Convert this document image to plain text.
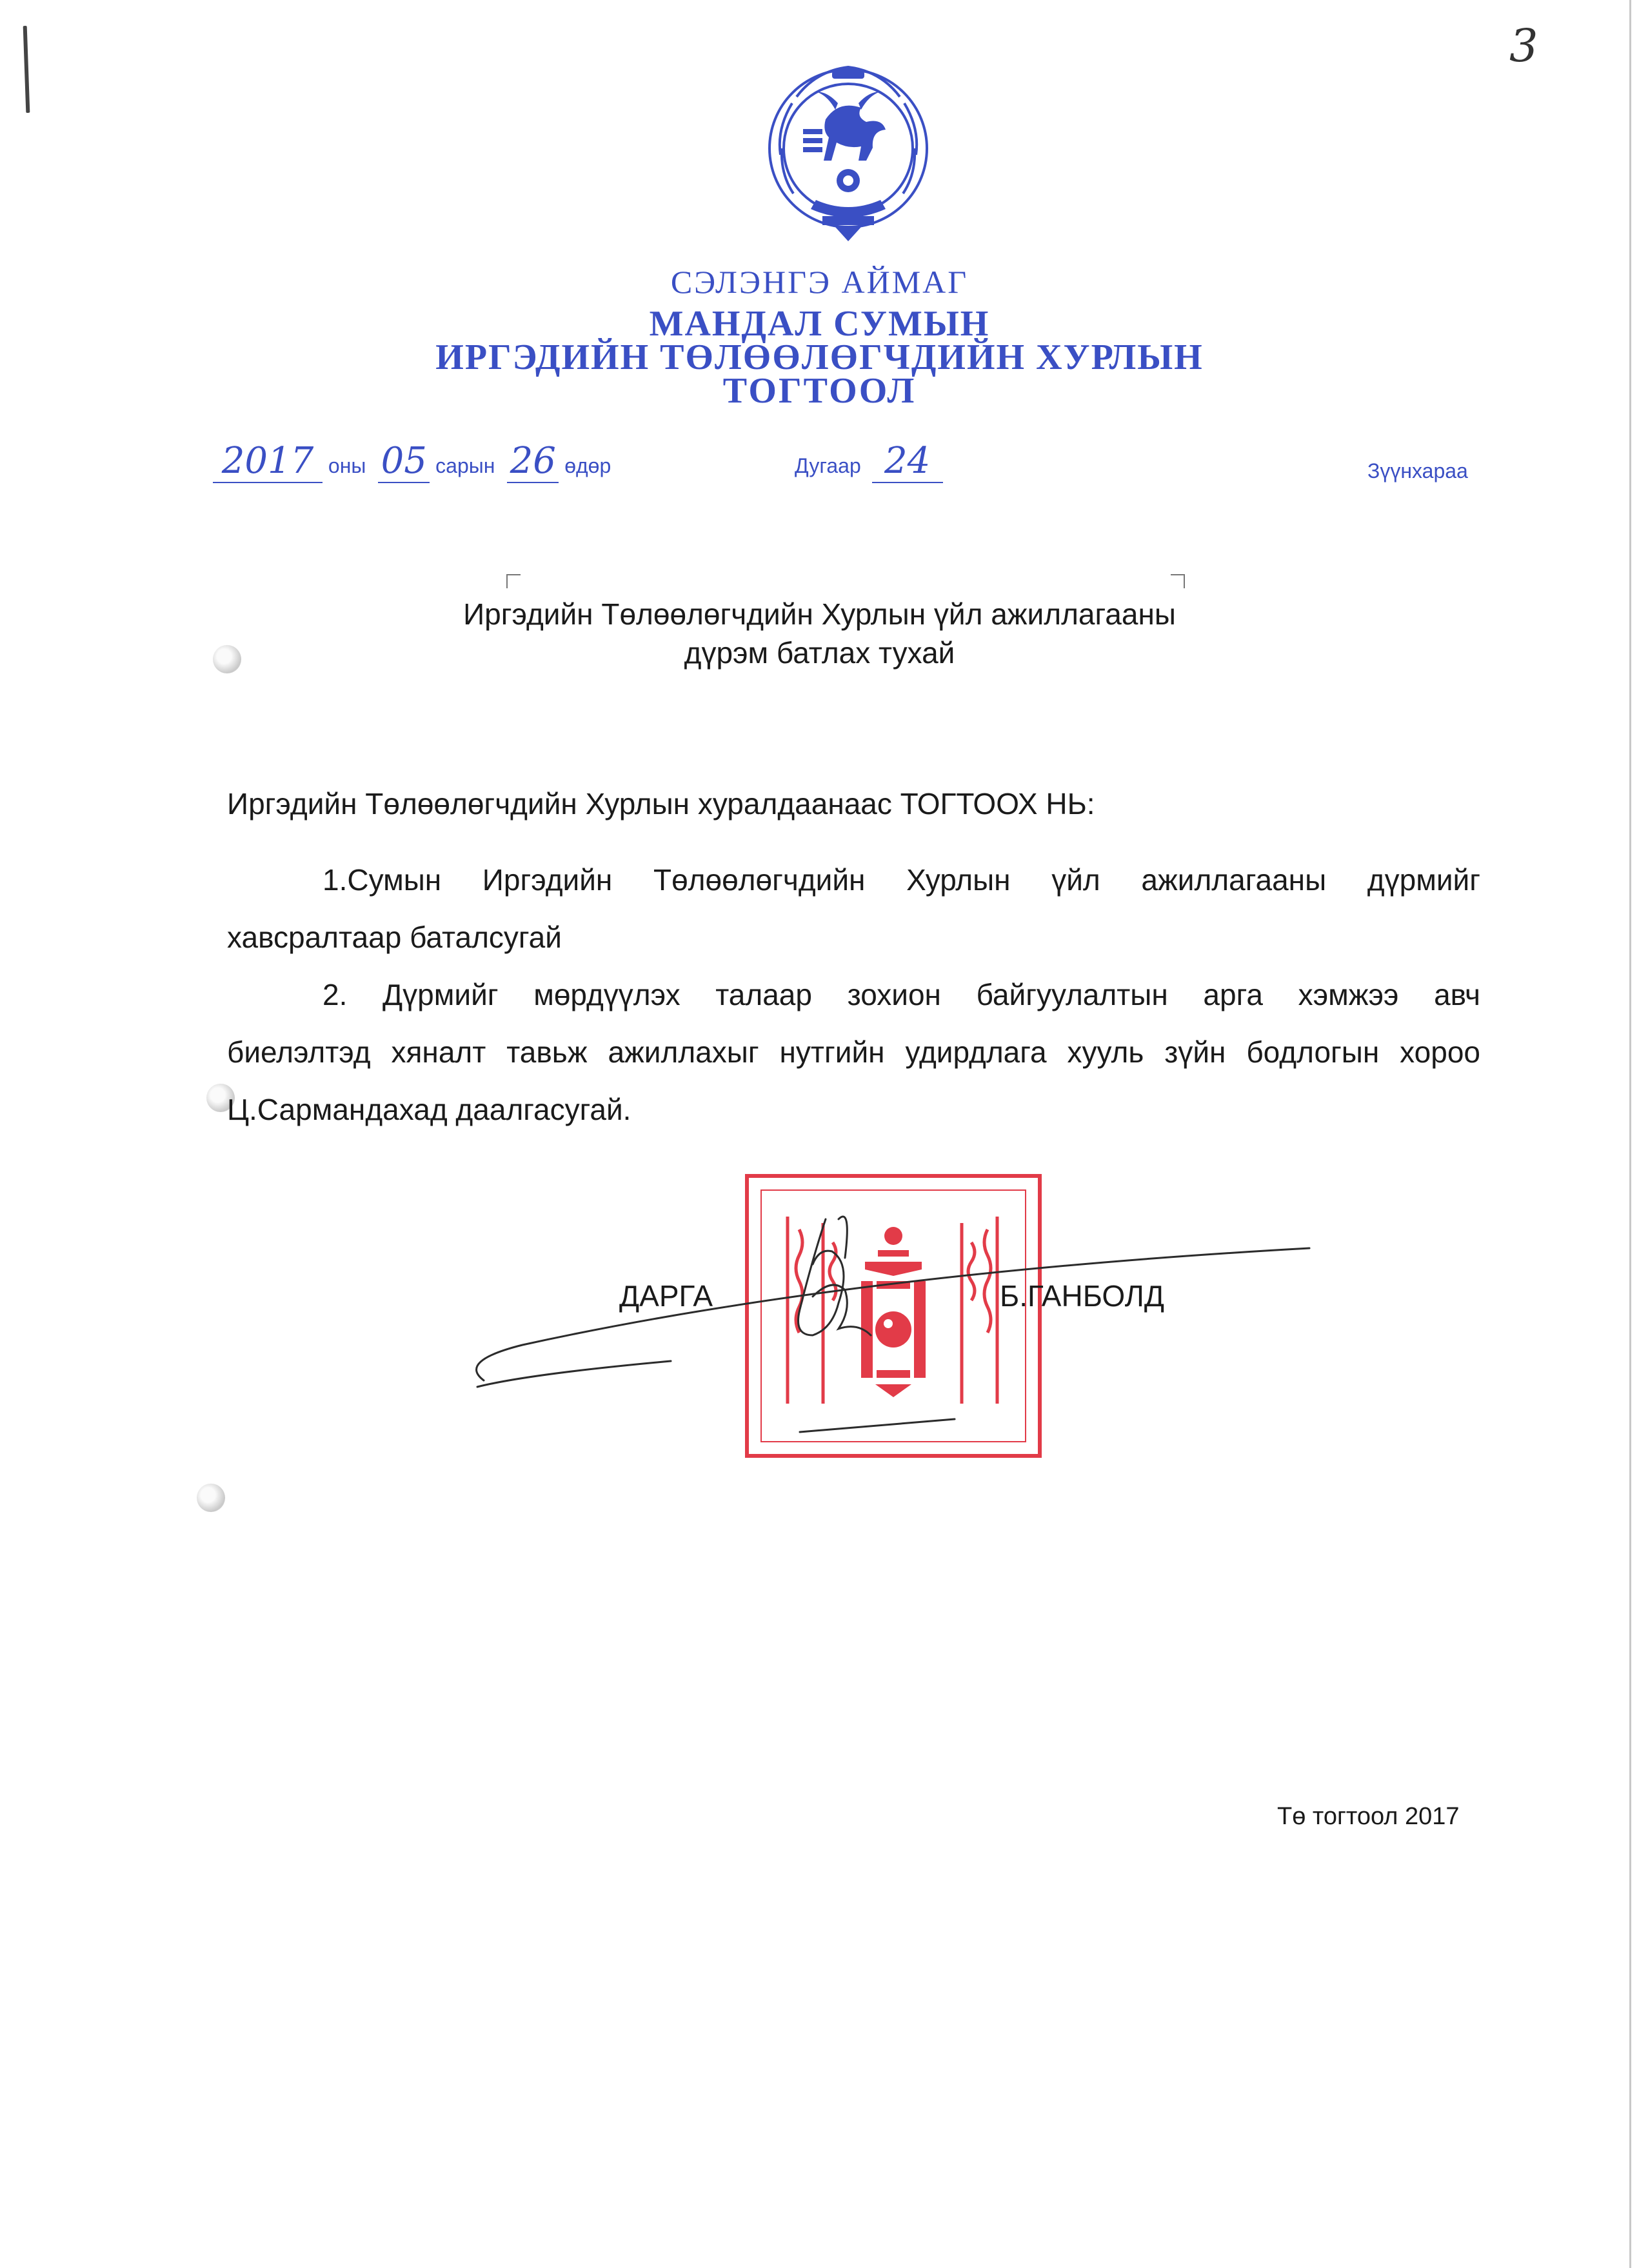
3
СЭЛЭНГЭ АЙМАГ
МАНДАЛ СУМЫН
ИРГЭДИЙН ТӨЛӨӨЛӨГЧДИЙН ХУРЛЫН
ТОГТООЛ
2017 оны 05 сарын 26 өдөр	Дугаар 24	Зүүнхараа
Иргэдийн Төлөөлөгчдийн Хурлын үйл ажиллагааны
дүрэм батлах тухай
Иргэдийн Төлөөлөгчдийн Хурлын хуралдаанаас ТОГТООХ НЬ:
1.Сумын Иргэдийн Төлөөлөгчдийн Хурлын үйл ажиллагааны дүрмийг
хавсралтаар баталсугай
2. Дүрмийг мөрдүүлэх талаар зохион байгуулалтын арга хэмжээ авч
биелэлтэд хяналт тавьж ажиллахыг нутгийн удирдлага хууль зүйн бодлогын хороо
Ц.Сармандахад даалгасугай.
ДАРГА	Б.ГАНБОЛД
Тө тогтоол 2017
